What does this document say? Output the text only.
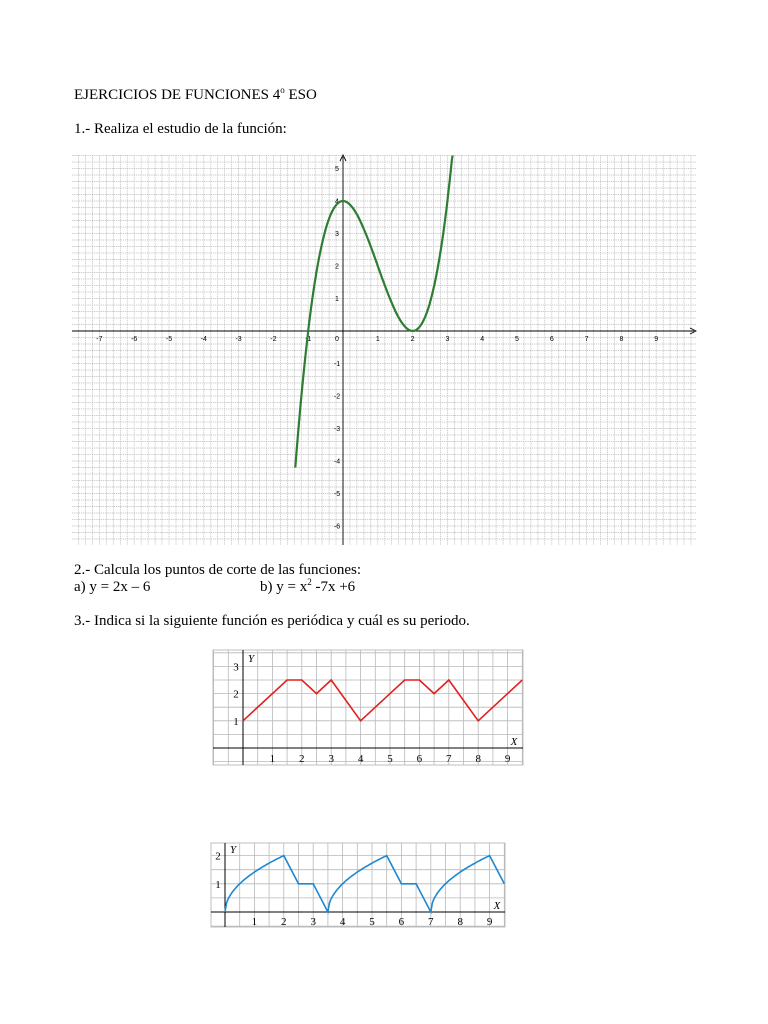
EJERCICIOS DE FUNCIONES 4$^o$ ESO
1.- Realiza el estudio de la función:
-7	-6	-5	-4	-3	-2	-1	0	1	2	3	4	5	6	7	8	9
5
4
3
2
1
-1
-2
-3
-4
-5
-6
2.- Calcula los puntos de corte de las funciones:
a) y = 2x – 6	b) $y = x^2$ -7x +6
3.- Indica si la siguiente función es periódica y cuál es su periodo.
1 2 3 4 5 6 7 8 9
1
2
3
Y
X
1 2 3 4 5 6 7 8 9
1
2
Y
X
